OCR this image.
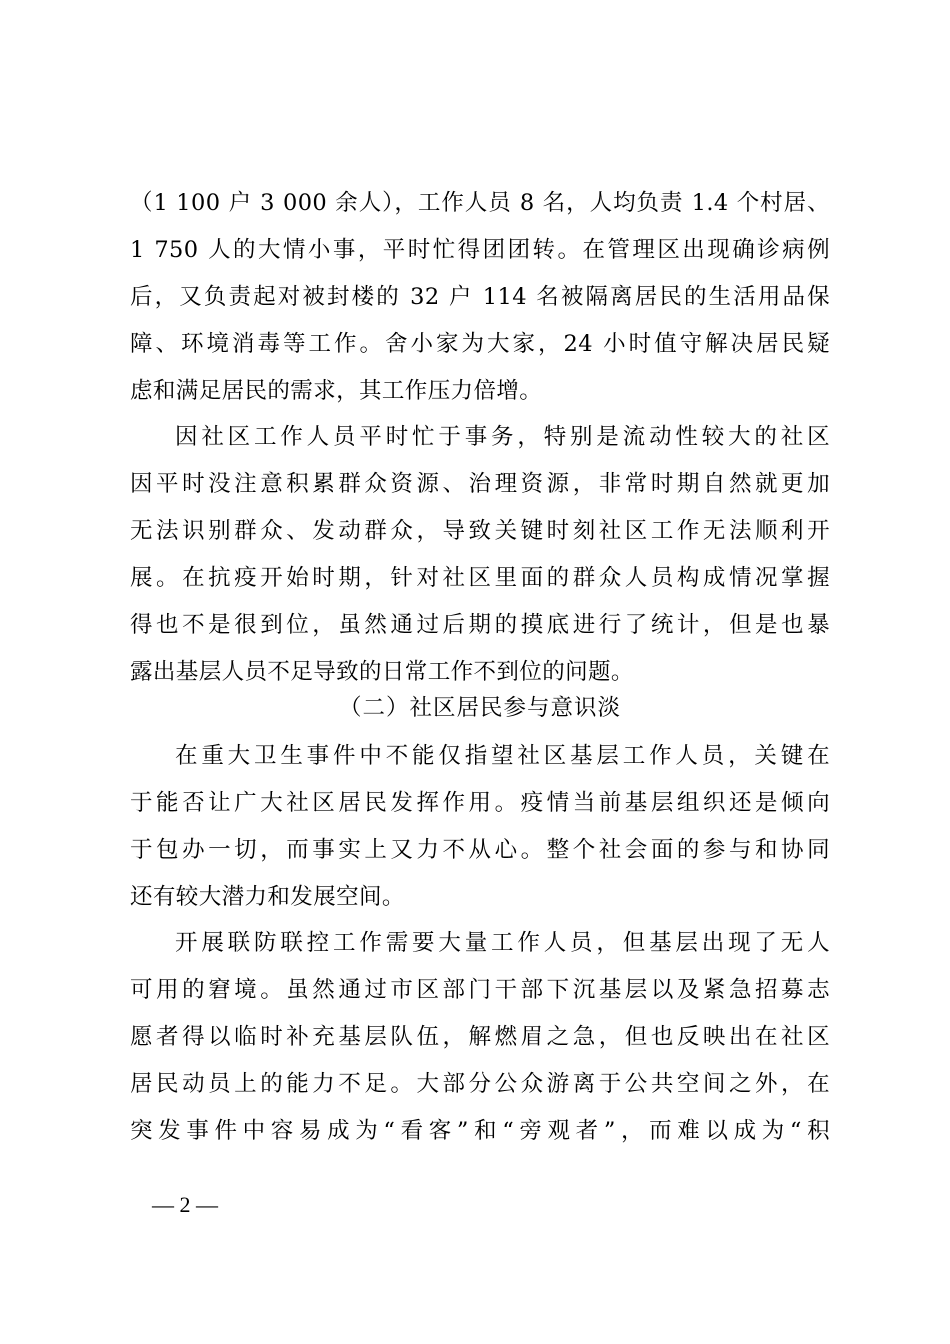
（1 100 户 3 000 余人），工作人员 8 名，人均负责 1.4 个村居、
1 750 人的大情小事，平时忙得团团转。在管理区出现确诊病例
后，又负责起对被封楼的 32 户 114 名被隔离居民的生活用品保
障、环境消毒等工作。舍小家为大家，24 小时值守解决居民疑
虑和满足居民的需求，其工作压力倍增。
因社区工作人员平时忙于事务，特别是流动性较大的社区
因平时没注意积累群众资源、治理资源，非常时期自然就更加
无法识别群众、发动群众，导致关键时刻社区工作无法顺利开
展。在抗疫开始时期，针对社区里面的群众人员构成情况掌握
得也不是很到位，虽然通过后期的摸底进行了统计，但是也暴
露出基层人员不足导致的日常工作不到位的问题。
（二）社区居民参与意识淡
在重大卫生事件中不能仅指望社区基层工作人员，关键在
于能否让广大社区居民发挥作用。疫情当前基层组织还是倾向
于包办一切，而事实上又力不从心。整个社会面的参与和协同
还有较大潜力和发展空间。
开展联防联控工作需要大量工作人员，但基层出现了无人
可用的窘境。虽然通过市区部门干部下沉基层以及紧急招募志
愿者得以临时补充基层队伍，解燃眉之急，但也反映出在社区
居民动员上的能力不足。大部分公众游离于公共空间之外，在
突发事件中容易成为“看客”和“旁观者”，而难以成为“积
— 2 —
